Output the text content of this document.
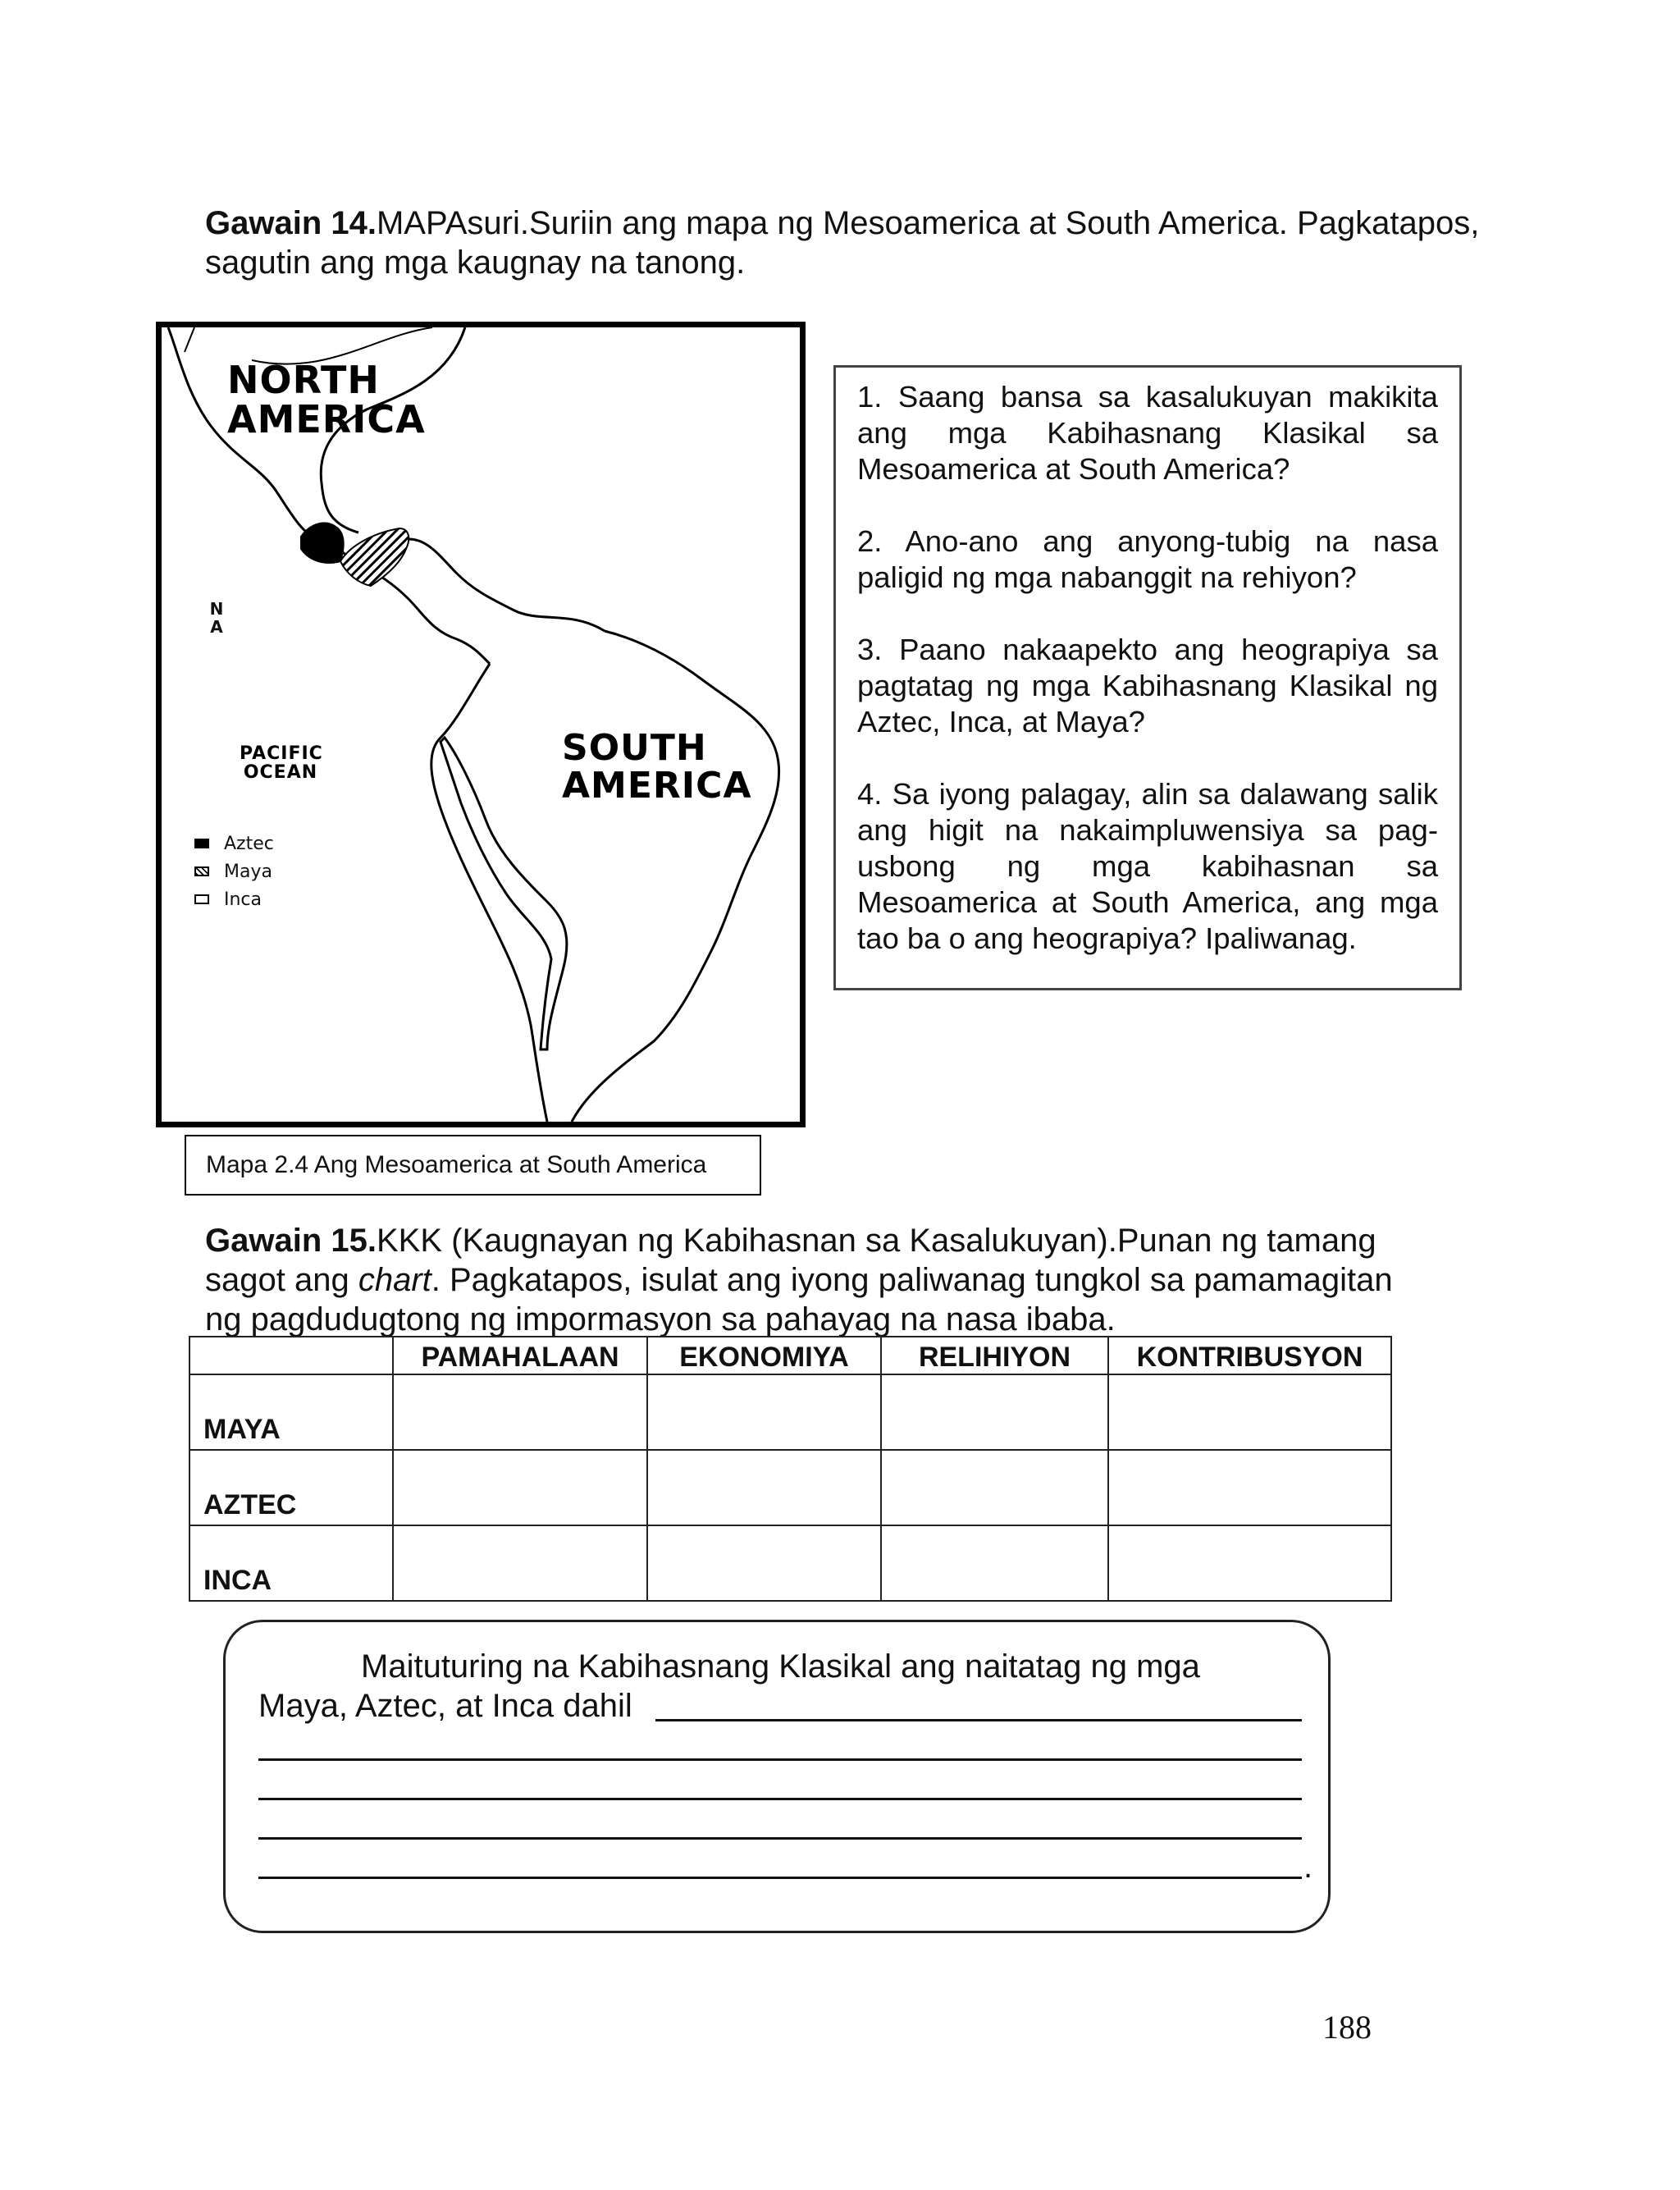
Gawain 14.MAPAsuri.Suriin ang mapa ng Mesoamerica at South America. Pagkatapos, sagutin ang mga kaugnay na tanong.

NORTH AMERICA
SOUTH AMERICA
PACIFIC OCEAN
N
A
Aztec
Maya
Inca
Mapa 2.4 Ang Mesoamerica at South America

1. Saang bansa sa kasalukuyan makikita ang mga Kabihasnang Klasikal sa Mesoamerica at South America?

2. Ano-ano ang anyong-tubig na nasa paligid ng mga nabanggit na rehiyon?

3. Paano nakaapekto ang heograpiya sa pagtatag ng mga Kabihasnang Klasikal ng Aztec, Inca, at Maya?

4. Sa iyong palagay, alin sa dalawang salik ang higit na nakaimpluwensiya sa pag-usbong ng mga kabihasnan sa Mesoamerica at South America, ang mga tao ba o ang heograpiya? Ipaliwanag.

Gawain 15.KKK (Kaugnayan ng Kabihasnan sa Kasalukuyan).Punan ng tamang sagot ang chart. Pagkatapos, isulat ang iyong paliwanag tungkol sa pamamagitan ng pagdudugtong ng impormasyon sa pahayag na nasa ibaba.

	PAMAHALAAN	EKONOMIYA	RELIHIYON	KONTRIBUSYON
MAYA				
AZTEC				
INCA				
Maituturing na Kabihasnang Klasikal ang naitatag ng mga
Maya, Aztec, at Inca dahil
.
188
